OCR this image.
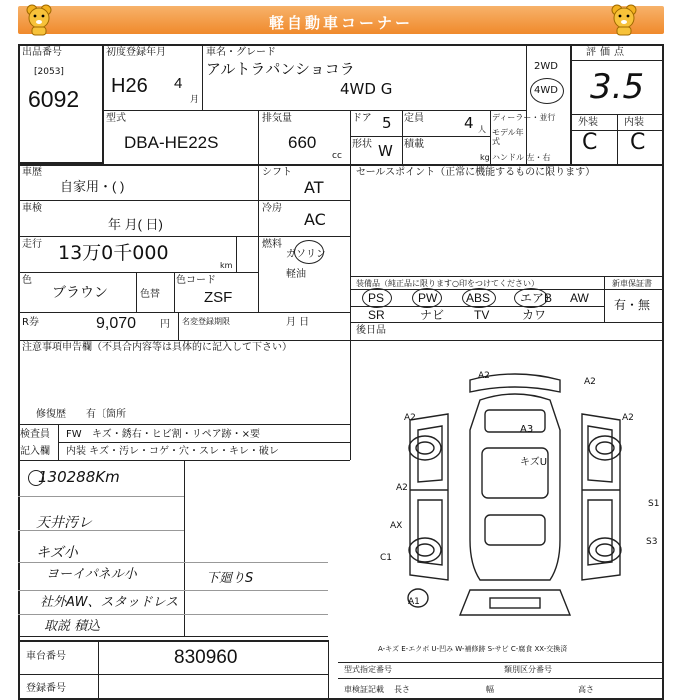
軽自動車コーナー
出品番号
[2053]
6092
初度登録年月
H26 4
月
車名・グレード
アルトラパンショコラ
4WD G
2WD
4WD
評価点
3.5
型式
DBA-HE22S
排気量
660
cc
ドア 5 定員	4 人
形状 W 積載
kg
ディーラー・並行
モデル年式
ハンドル 左・右
外装	内装
C C
車歴
自家用・( )
シフト
AT
車検
年 月( 日)
冷房
AC
走行 13万0千000
km
燃料
ガソリン
軽油
色
ブラウン	色替
色コード
ZSF
R券	9,070 円 名変登録期限	月 日
注意事項申告欄（不具合内容等は具体的に記入して下さい）
修復歴 有〔箇所
検査員 FW キズ・銹右・ヒビ割・リペア跡・×要
記入欄 内装 キズ・汚レ・コゲ・穴・スレ・キレ・破レ
セールスポイント（正常に機能するものに限ります）
装備品（純正品に限ります○印をつけてください）	新車保証書
PS	PW ABS エアB AW
SR	ナビ TV	カワ
有・無
後日品
130288Km
天井汚レ
キズ小
ヨーイパネル小	下廻りS
社外AW、スタッドレス
取説 積込
A2
A2
A3
キズU
A2	A2
A2
AX
S1
S3
C1
A1
A-キズ E-エクボ U-凹み W-補修跡 S-サビ C-腐食 XX-交換済
車台番号	830960
登録番号
型式指定番号	類別区分番号
車検証記載 長さ	幅	高さ
